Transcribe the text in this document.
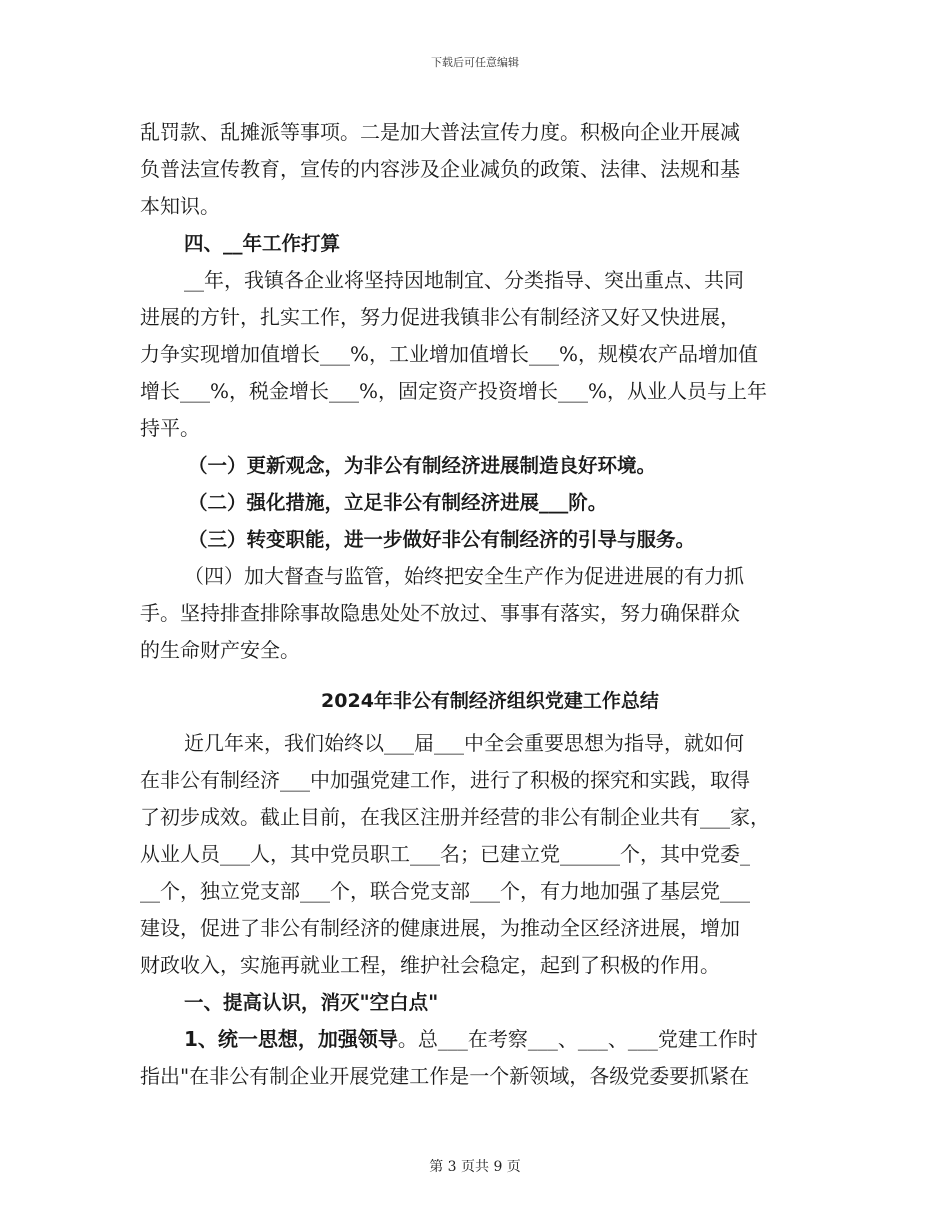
下载后可任意编辑
乱罚款、乱摊派等事项。二是加大普法宣传力度。积极向企业开展减
负普法宣传教育，宣传的内容涉及企业减负的政策、法律、法规和基
本知识。
四、__年工作打算
__年，我镇各企业将坚持因地制宜、分类指导、突出重点、共同
进展的方针，扎实工作，努力促进我镇非公有制经济又好又快进展，
力争实现增加值增长___%，工业增加值增长___%，规模农产品增加值
增长___%，税金增长___%，固定资产投资增长___%，从业人员与上年
持平。
（一）更新观念，为非公有制经济进展制造良好环境。
（二）强化措施，立足非公有制经济进展___阶。
（三）转变职能，进一步做好非公有制经济的引导与服务。
（四）加大督查与监管，始终把安全生产作为促进进展的有力抓
手。坚持排查排除事故隐患处处不放过、事事有落实，努力确保群众
的生命财产安全。
2024年非公有制经济组织党建工作总结
近几年来，我们始终以___届___中全会重要思想为指导，就如何
在非公有制经济___中加强党建工作，进行了积极的探究和实践，取得
了初步成效。截止目前，在我区注册并经营的非公有制企业共有___家，
从业人员___人，其中党员职工___名；已建立党______个，其中党委_
__个，独立党支部___个，联合党支部___个，有力地加强了基层党___
建设，促进了非公有制经济的健康进展，为推动全区经济进展，增加
财政收入，实施再就业工程，维护社会稳定，起到了积极的作用。
一、提高认识，消灭"空白点"
1、统一思想，加强领导。总___在考察___、___、___党建工作时
指出"在非公有制企业开展党建工作是一个新领域，各级党委要抓紧在
第 3 页共 9 页
